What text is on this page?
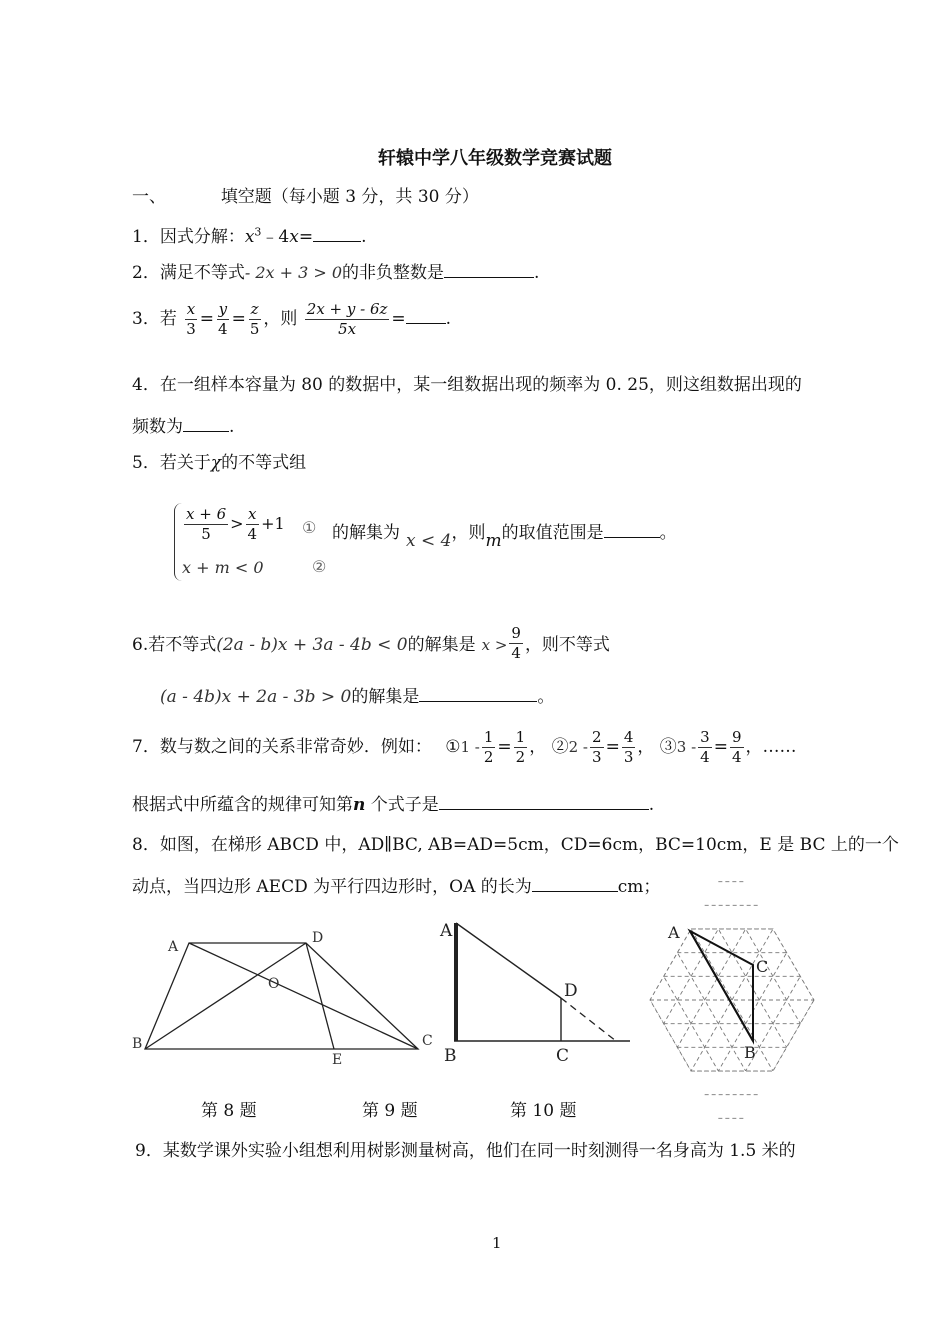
轩辕中学八年级数学竞赛试题
一、	填空题（每小题 3 分，共 30 分）
1．因式分解：$x^3﹣4x=$	.
2．满足不等式- 2x + 3 > 0的非负整数是	.
3．若 $\frac{x}{3} = \frac{y}{4} = \frac{z}{5}$ ，则 $\frac{2x + y - 6z}{5x}$ = .
4．在一组样本容量为 80 的数据中，某一组数据出现的频率为 0. 25，则这组数据出现的
频数为	.
5．若关于χ的不等式组
$\frac{x + 6}{5} > \frac{x}{4} +1$ ① 的解集为 x < 4，则m的取值范围是	。
x + m < 0	②
6.若不等式(2a - b)x + 3a - 4b < 0的解集是 $x > \frac{9}{4}$ ，则不等式
(a - 4b)x + 2a - 3b > 0的解集是	。
7．数与数之间的关系非常奇妙．例如： ①1 - $\frac{1}{2} = \frac{1}{2}$ ， ②2 - $\frac{2}{3} = \frac{4}{3}$ ， ③3 - $\frac{3}{4} = \frac{9}{4}$ ，……
根据式中所蕴含的规律可知第n 个式子是	.
8．如图，在梯形 ABCD 中，AD∥BC, AB=AD=5cm，CD=6cm，BC=10cm，E 是 BC 上的一个
动点，当四边形 AECD 为平行四边形时，OA 的长为	cm；
A
D
O
B	C
E
A
D
B	C
A
C
B
第 8 题	第 9 题	第 10 题
9．某数学课外实验小组想利用树影测量树高，他们在同一时刻测得一名身高为 1.5 米的
1
